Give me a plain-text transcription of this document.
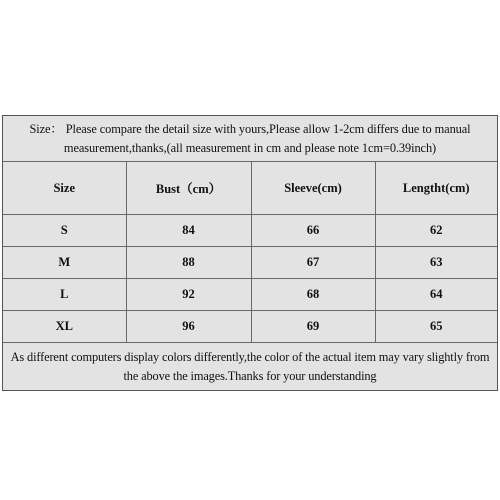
Size： Please compare the detail size with yours,Please allow 1-2cm differs due to manual
measurement,thanks,(all measurement in cm and please note 1cm=0.39inch)
Size	Bust（cm）	Sleeve(cm)	Lengtht(cm)
S	84	66	62
M	88	67	63
L	92	68	64
XL	96	69	65
As different computers display colors differently,the color of the actual item may vary slightly from
the above the images.Thanks for your understanding
